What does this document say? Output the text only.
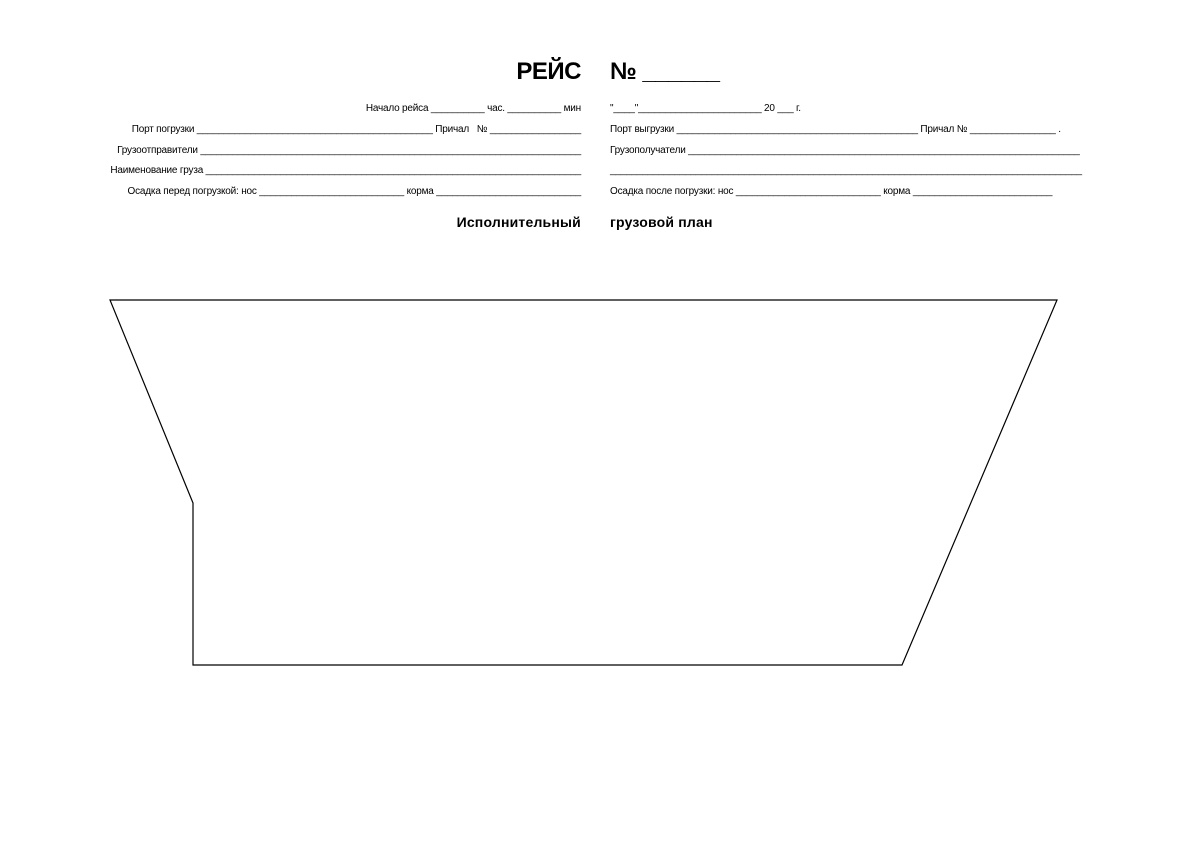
РЕЙС № ______
Начало рейса __________ час. __________ мин
Порт погрузки ____________________________________________ Причал   № _________________
Грузоотправители _______________________________________________________________________
Наименование груза ______________________________________________________________________
Осадка перед погрузкой: нос ___________________________ корма ___________________________
"____"_______________________ 20 ___ г.
Порт выгрузки _____________________________________________ Причал № ________________ .
Грузополучатели _________________________________________________________________________
________________________________________________________________________________________
Осадка после погрузки: нос ___________________________ корма __________________________
Исполнительный грузовой план
